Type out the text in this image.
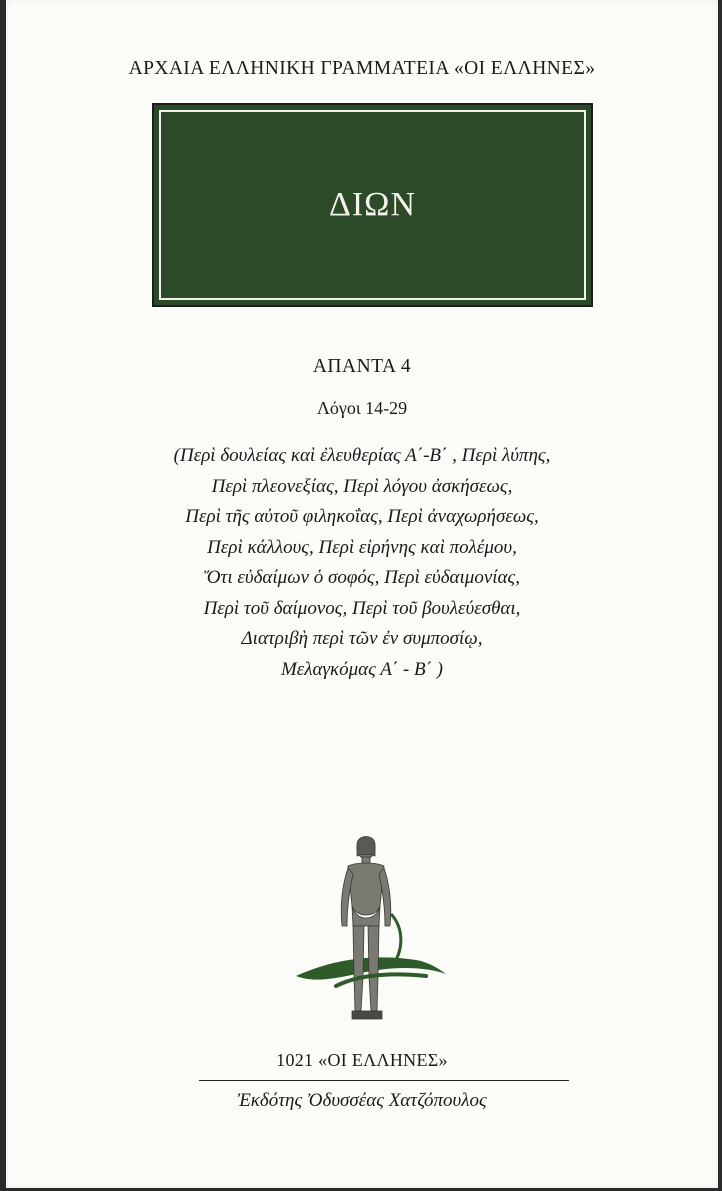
ΑΡΧΑΙΑ ΕΛΛΗΝΙΚΗ ΓΡΑΜΜΑΤΕΙΑ «ΟΙ ΕΛΛΗΝΕΣ»
ΔΙΩΝ
ΑΠΑΝΤΑ 4
Λόγοι 14-29
(Περὶ δουλείας καὶ ἐλευθερίας Α΄-Β΄ , Περὶ λύπης,
Περὶ πλεονεξίας, Περὶ λόγου ἀσκήσεως,
Περὶ τῆς αὐτοῦ φιληκοΐας, Περὶ ἀναχωρήσεως,
Περὶ κάλλους, Περὶ εἰρήνης καὶ πολέμου,
Ὅτι εὐδαίμων ὁ σοφός, Περὶ εὐδαιμονίας,
Περὶ τοῦ δαίμονος, Περὶ τοῦ βουλεύεσθαι,
Διατριβὴ περὶ τῶν ἐν συμποσίῳ,
Μελαγκόμας Α΄ - Β΄ )
1021 «ΟΙ ΕΛΛΗΝΕΣ»
Ἐκδότης Ὀδυσσέας Χατζόπουλος
